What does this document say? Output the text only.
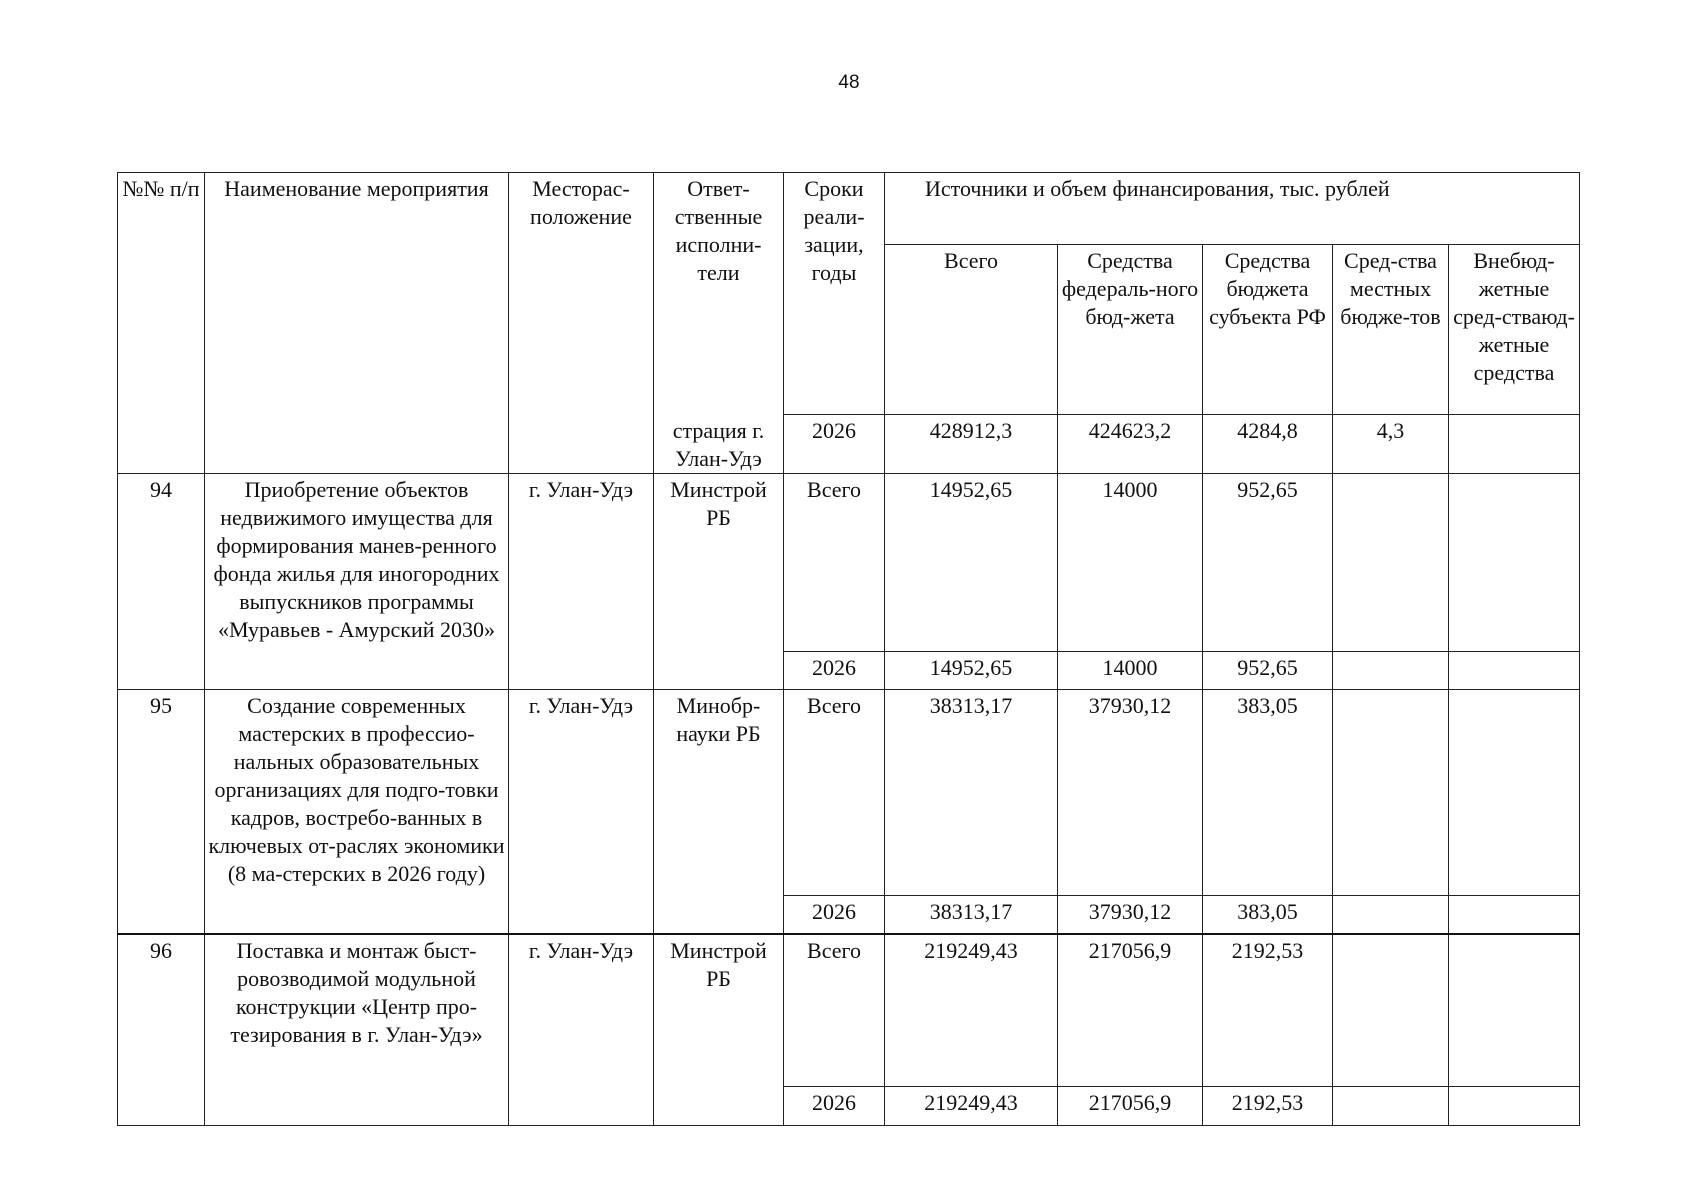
48
№№ п/п	Наименование мероприятия	Местораc-положение	Ответ-ственные исполни-тели	Сроки реали-зации, годы	Источники и объем финансирования, тыс. рублей				
					Всего	Средства федераль-ного бюд-жета	Средства бюджета субъекта РФ	Сред-ства местных бюдже-тов	Внебюд-жетные сред-стваюд-жетные средства
			страция г. Улан-Удэ	2026	428912,3	424623,2	4284,8	4,3	
94	Приобретение объектов недвижимого имущества для формирования манев-ренного фонда жилья для иногородних выпускников программы «Муравьев - Амурский 2030»	г. Улан-Удэ	Минстрой РБ	Всего	14952,65	14000	952,65		
				2026	14952,65	14000	952,65		
95	Создание современных мастерских в профессио-нальных образовательных организациях для подго-товки кадров, востребо-ванных в ключевых от-раслях экономики (8 ма-стерских в 2026 году)	г. Улан-Удэ	Минобр-науки РБ	Всего	38313,17	37930,12	383,05		
				2026	38313,17	37930,12	383,05		
96	Поставка и монтаж быст-ровозводимой модульной конструкции «Центр про-тезирования в г. Улан-Удэ»	г. Улан-Удэ	Минстрой РБ	Всего	219249,43	217056,9	2192,53		
				2026	219249,43	217056,9	2192,53		
